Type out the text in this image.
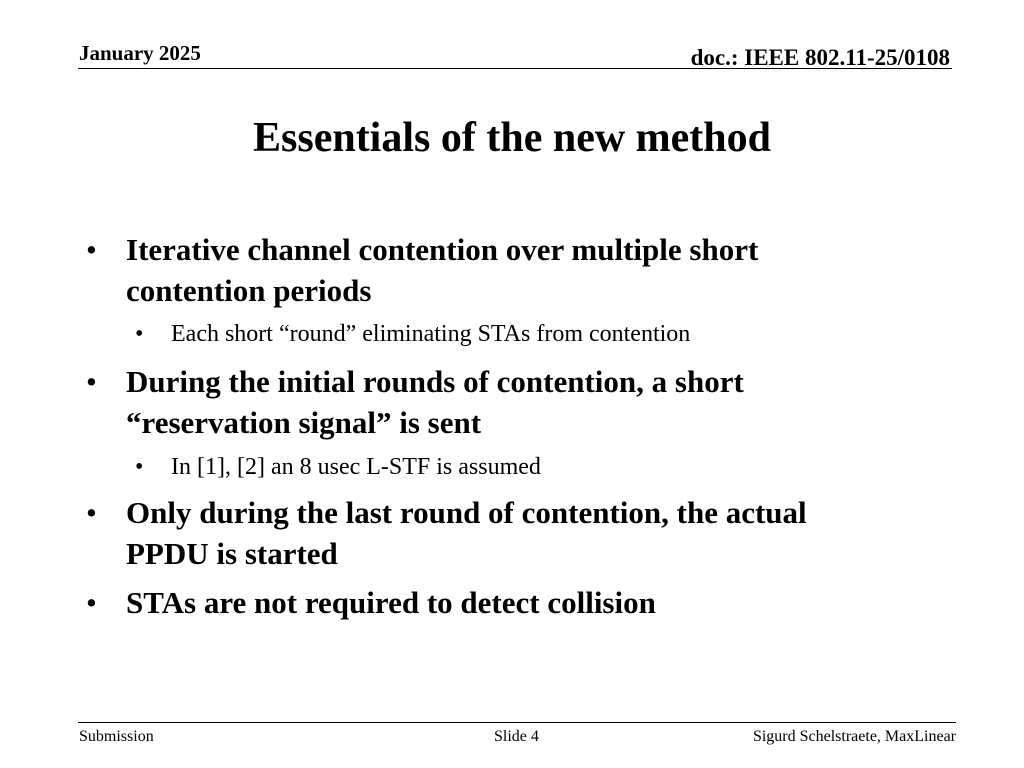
January 2025	doc.: IEEE 802.11-25/0108
Essentials of the new method
• Iterative channel contention over multiple short contention periods
• Each short “round” eliminating STAs from contention
• During the initial rounds of contention, a short “reservation signal” is sent
• In [1], [2] an 8 usec L-STF is assumed
• Only during the last round of contention, the actual PPDU is started
• STAs are not required to detect collision
Submission	Slide 4	Sigurd Schelstraete, MaxLinear
